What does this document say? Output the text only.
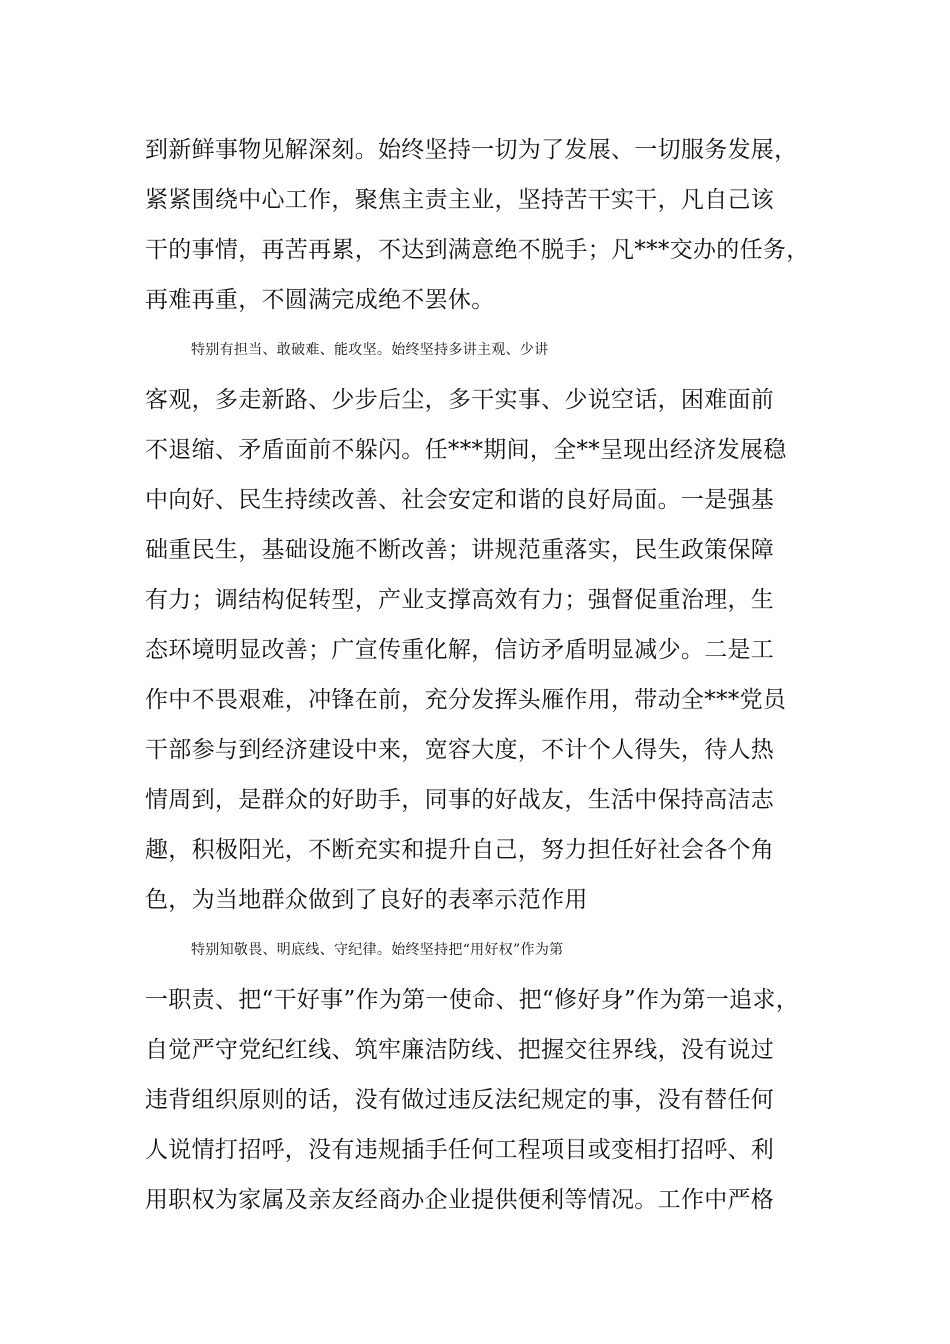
到新鲜事物见解深刻。始终坚持一切为了发展、一切服务发展，
紧紧围绕中心工作，聚焦主责主业，坚持苦干实干，凡自己该
干的事情，再苦再累，不达到满意绝不脱手；凡***交办的任务，
再难再重，不圆满完成绝不罢休。
特别有担当、敢破难、能攻坚。始终坚持多讲主观、少讲
客观，多走新路、少步后尘，多干实事、少说空话，困难面前
不退缩、矛盾面前不躲闪。任***期间，全**呈现出经济发展稳
中向好、民生持续改善、社会安定和谐的良好局面。一是强基
础重民生，基础设施不断改善；讲规范重落实，民生政策保障
有力；调结构促转型，产业支撑高效有力；强督促重治理，生
态环境明显改善；广宣传重化解，信访矛盾明显减少。二是工
作中不畏艰难，冲锋在前，充分发挥头雁作用，带动全***党员
干部参与到经济建设中来，宽容大度，不计个人得失，待人热
情周到，是群众的好助手，同事的好战友，生活中保持高洁志
趣，积极阳光，不断充实和提升自己，努力担任好社会各个角
色，为当地群众做到了良好的表率示范作用
特别知敬畏、明底线、守纪律。始终坚持把“用好权”作为第
一职责、把“干好事”作为第一使命、把“修好身”作为第一追求，
自觉严守党纪红线、筑牢廉洁防线、把握交往界线，没有说过
违背组织原则的话，没有做过违反法纪规定的事，没有替任何
人说情打招呼，没有违规插手任何工程项目或变相打招呼、利
用职权为家属及亲友经商办企业提供便利等情况。工作中严格
